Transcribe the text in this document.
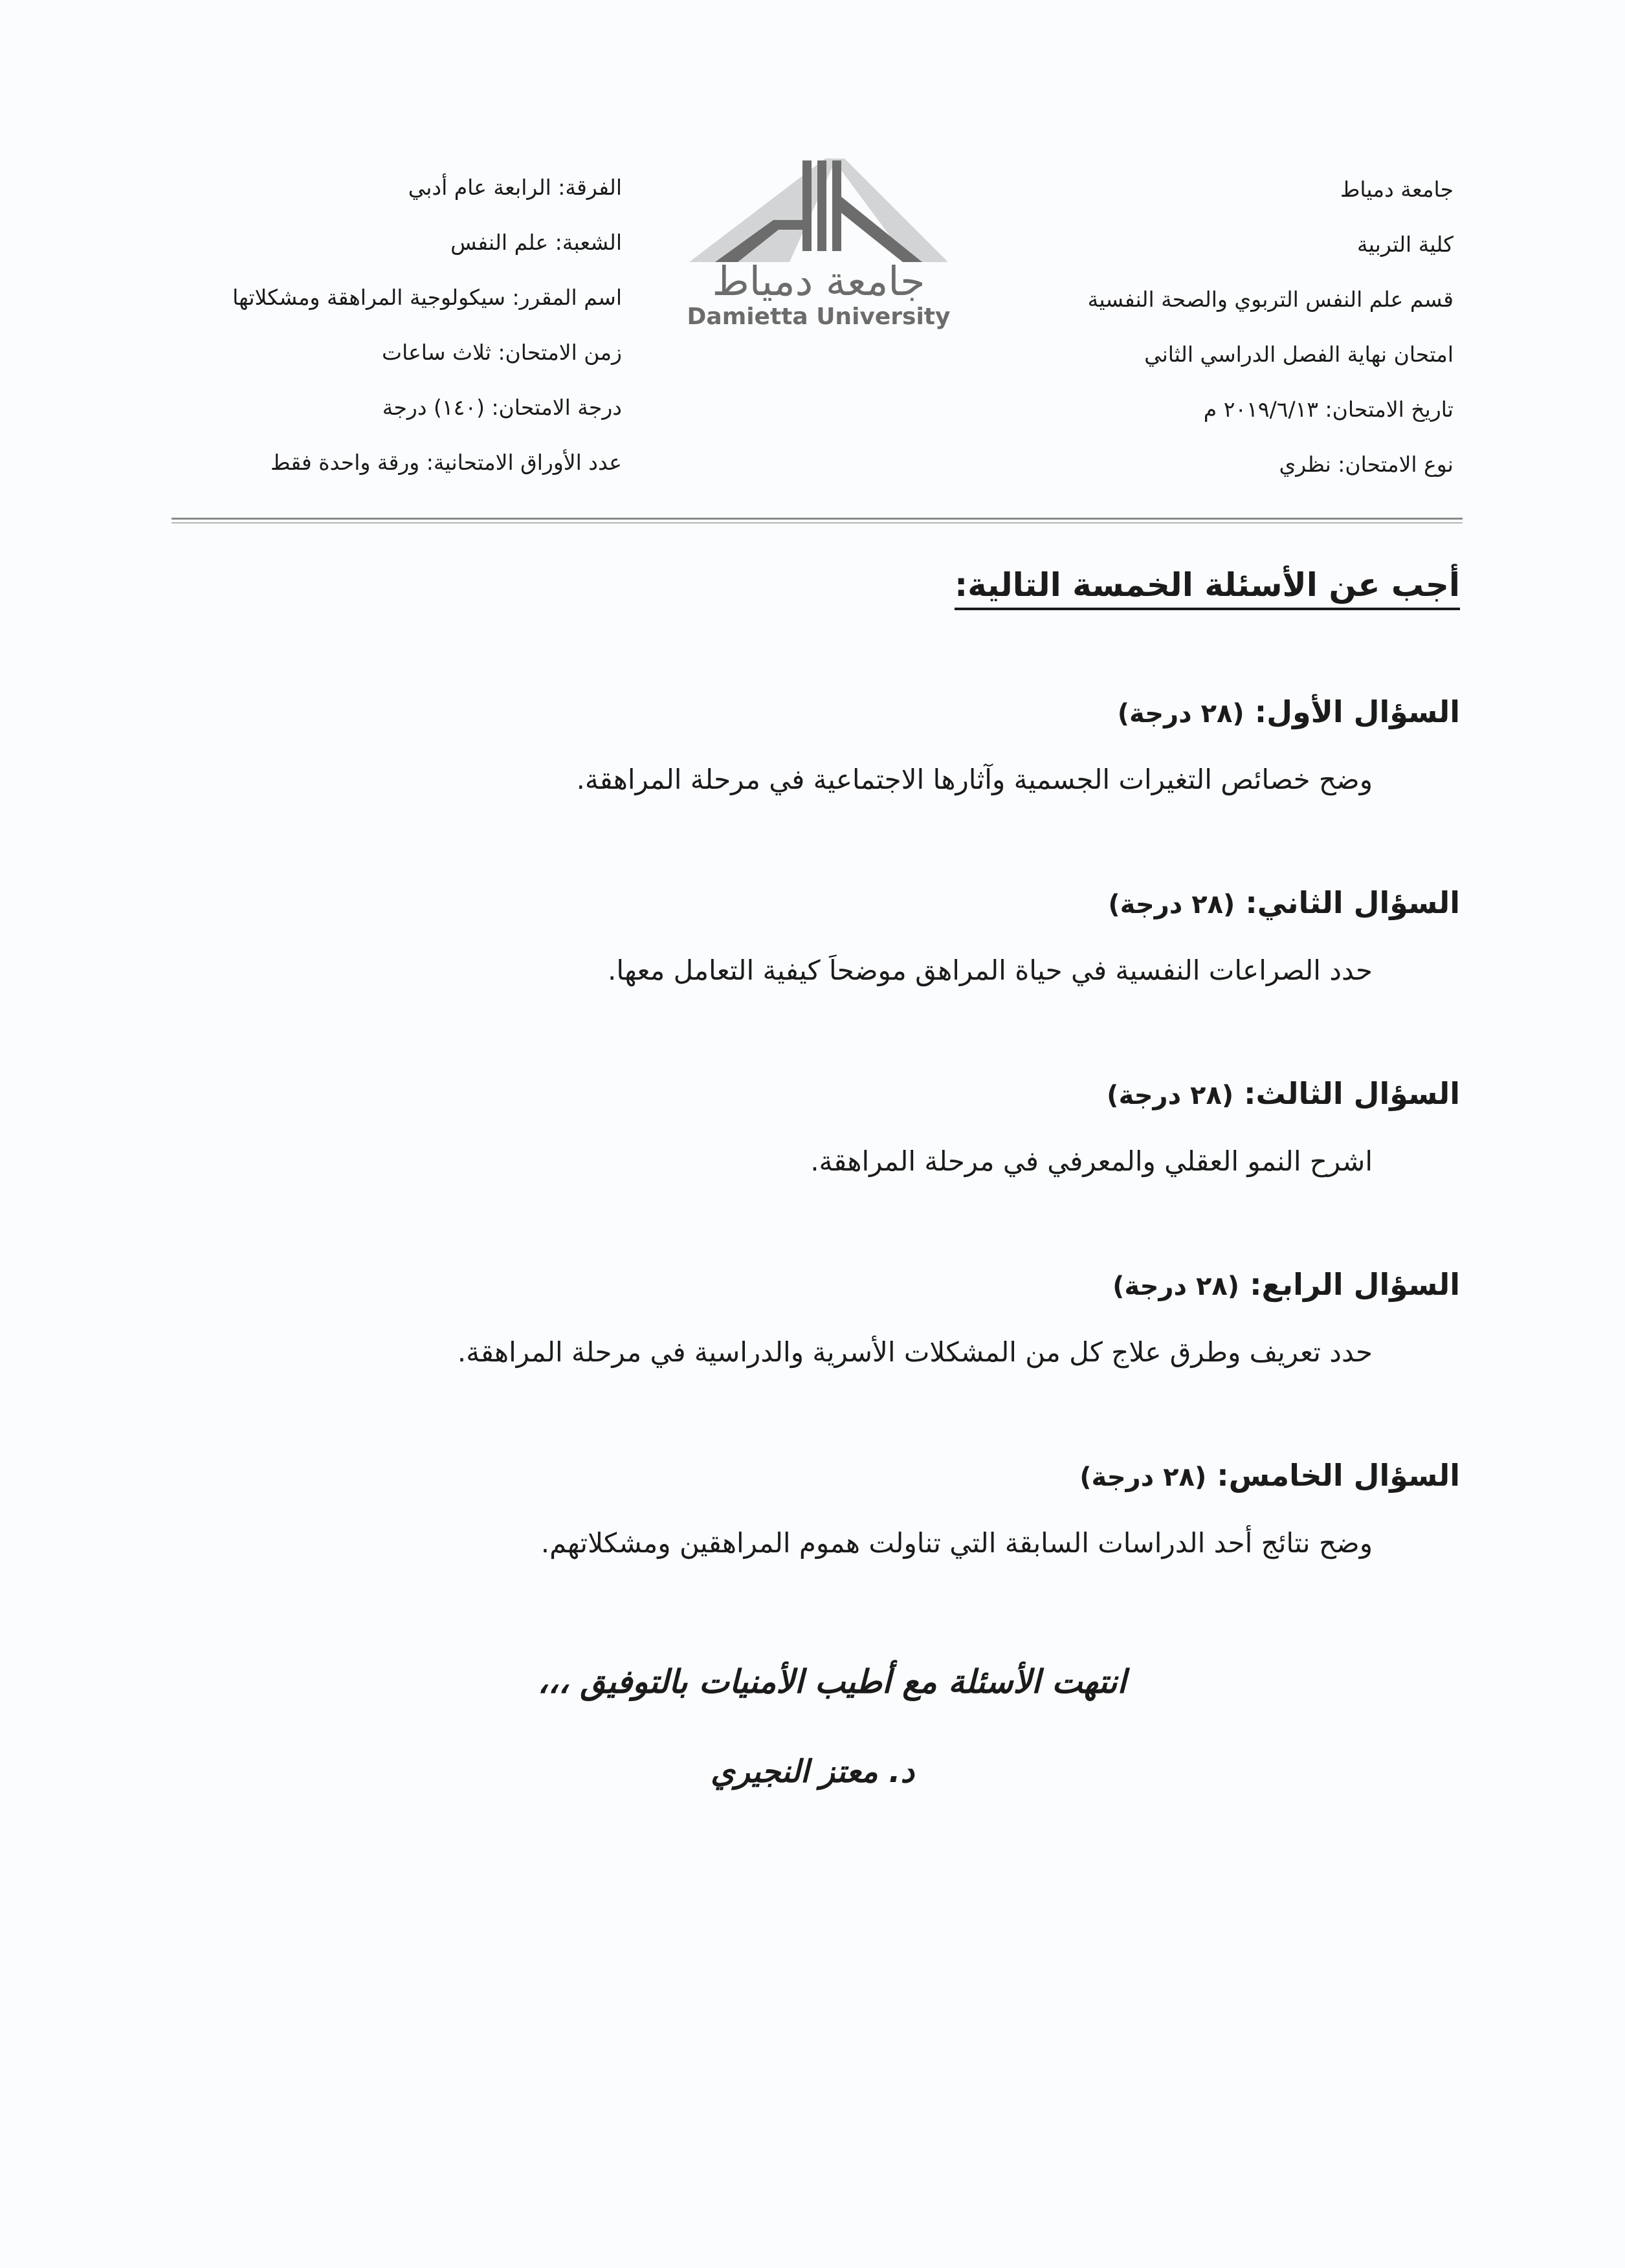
جامعة دمياط
كلية التربية
قسم علم النفس التربوي والصحة النفسية
امتحان نهاية الفصل الدراسي الثاني
تاريخ الامتحان: ٢٠١٩/٦/١٣ م
نوع الامتحان: نظري
جامعة دمياط
Damietta University
الفرقة: الرابعة عام أدبي
الشعبة: علم النفس
اسم المقرر: سيكولوجية المراهقة ومشكلاتها
زمن الامتحان: ثلاث ساعات
درجة الامتحان: (١٤٠) درجة
عدد الأوراق الامتحانية: ورقة واحدة فقط
أجب عن الأسئلة الخمسة التالية:
السؤال الأول: (٢٨ درجة)
وضح خصائص التغيرات الجسمية وآثارها الاجتماعية في مرحلة المراهقة.
السؤال الثاني: (٢٨ درجة)
حدد الصراعات النفسية في حياة المراهق موضحاَ كيفية التعامل معها.
السؤال الثالث: (٢٨ درجة)
اشرح النمو العقلي والمعرفي في مرحلة المراهقة.
السؤال الرابع: (٢٨ درجة)
حدد تعريف وطرق علاج كل من المشكلات الأسرية والدراسية في مرحلة المراهقة.
السؤال الخامس: (٢٨ درجة)
وضح نتائج أحد الدراسات السابقة التي تناولت هموم المراهقين ومشكلاتهم.
انتهت الأسئلة مع أطيب الأمنيات بالتوفيق ،،،
د. معتز النجيري
